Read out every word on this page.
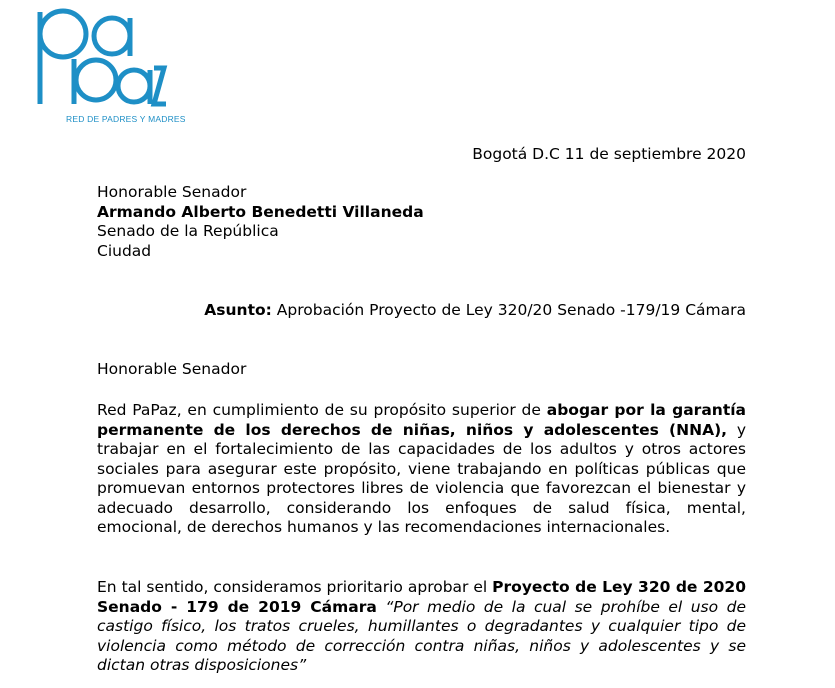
RED DE PADRES Y MADRES
Bogotá D.C 11 de septiembre 2020
Honorable Senador
Armando Alberto Benedetti Villaneda
Senado de la República
Ciudad
Asunto: Aprobación Proyecto de Ley 320/20 Senado -179/19 Cámara
Honorable Senador
Red PaPaz, en cumplimiento de su propósito superior de abogar por la garantía permanente de los derechos de niñas, niños y adolescentes (NNA), y trabajar en el fortalecimiento de las capacidades de los adultos y otros actores sociales para asegurar este propósito, viene trabajando en políticas públicas que promuevan entornos protectores libres de violencia que favorezcan el bienestar y adecuado desarrollo, considerando los enfoques de salud física, mental, emocional, de derechos humanos y las recomendaciones internacionales.
En tal sentido, consideramos prioritario aprobar el Proyecto de Ley 320 de 2020 Senado - 179 de 2019 Cámara “Por medio de la cual se prohíbe el uso de castigo físico, los tratos crueles, humillantes o degradantes y cualquier tipo de violencia como método de corrección contra niñas, niños y adolescentes y se dictan otras disposiciones”
